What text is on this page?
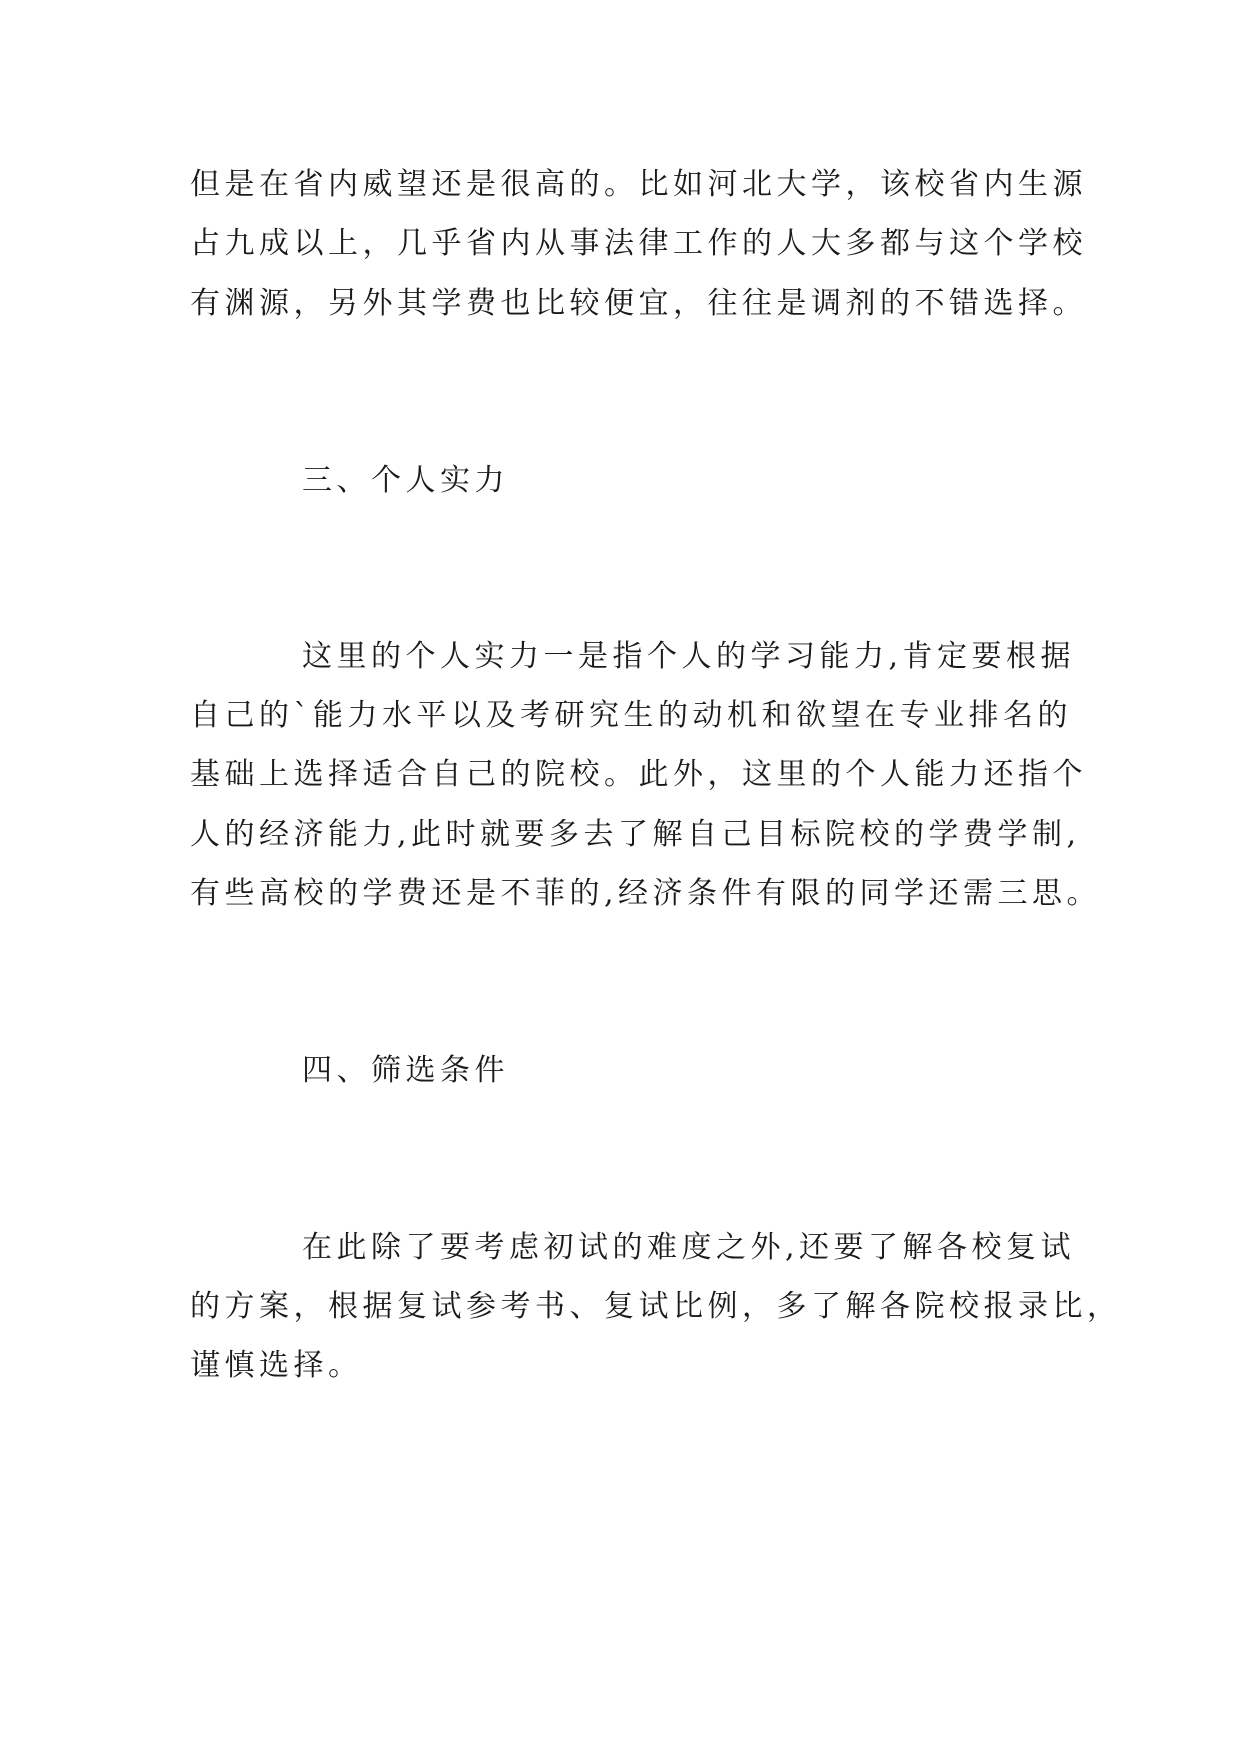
但是在省内威望还是很高的。比如河北大学，该校省内生源
占九成以上，几乎省内从事法律工作的人大多都与这个学校
有渊源，另外其学费也比较便宜，往往是调剂的不错选择。
三、个人实力
这里的个人实力一是指个人的学习能力,肯定要根据
自己的`能力水平以及考研究生的动机和欲望在专业排名的
基础上选择适合自己的院校。此外，这里的个人能力还指个
人的经济能力,此时就要多去了解自己目标院校的学费学制,
有些高校的学费还是不菲的,经济条件有限的同学还需三思。
四、筛选条件
在此除了要考虑初试的难度之外,还要了解各校复试
的方案，根据复试参考书、复试比例，多了解各院校报录比，
谨慎选择。
